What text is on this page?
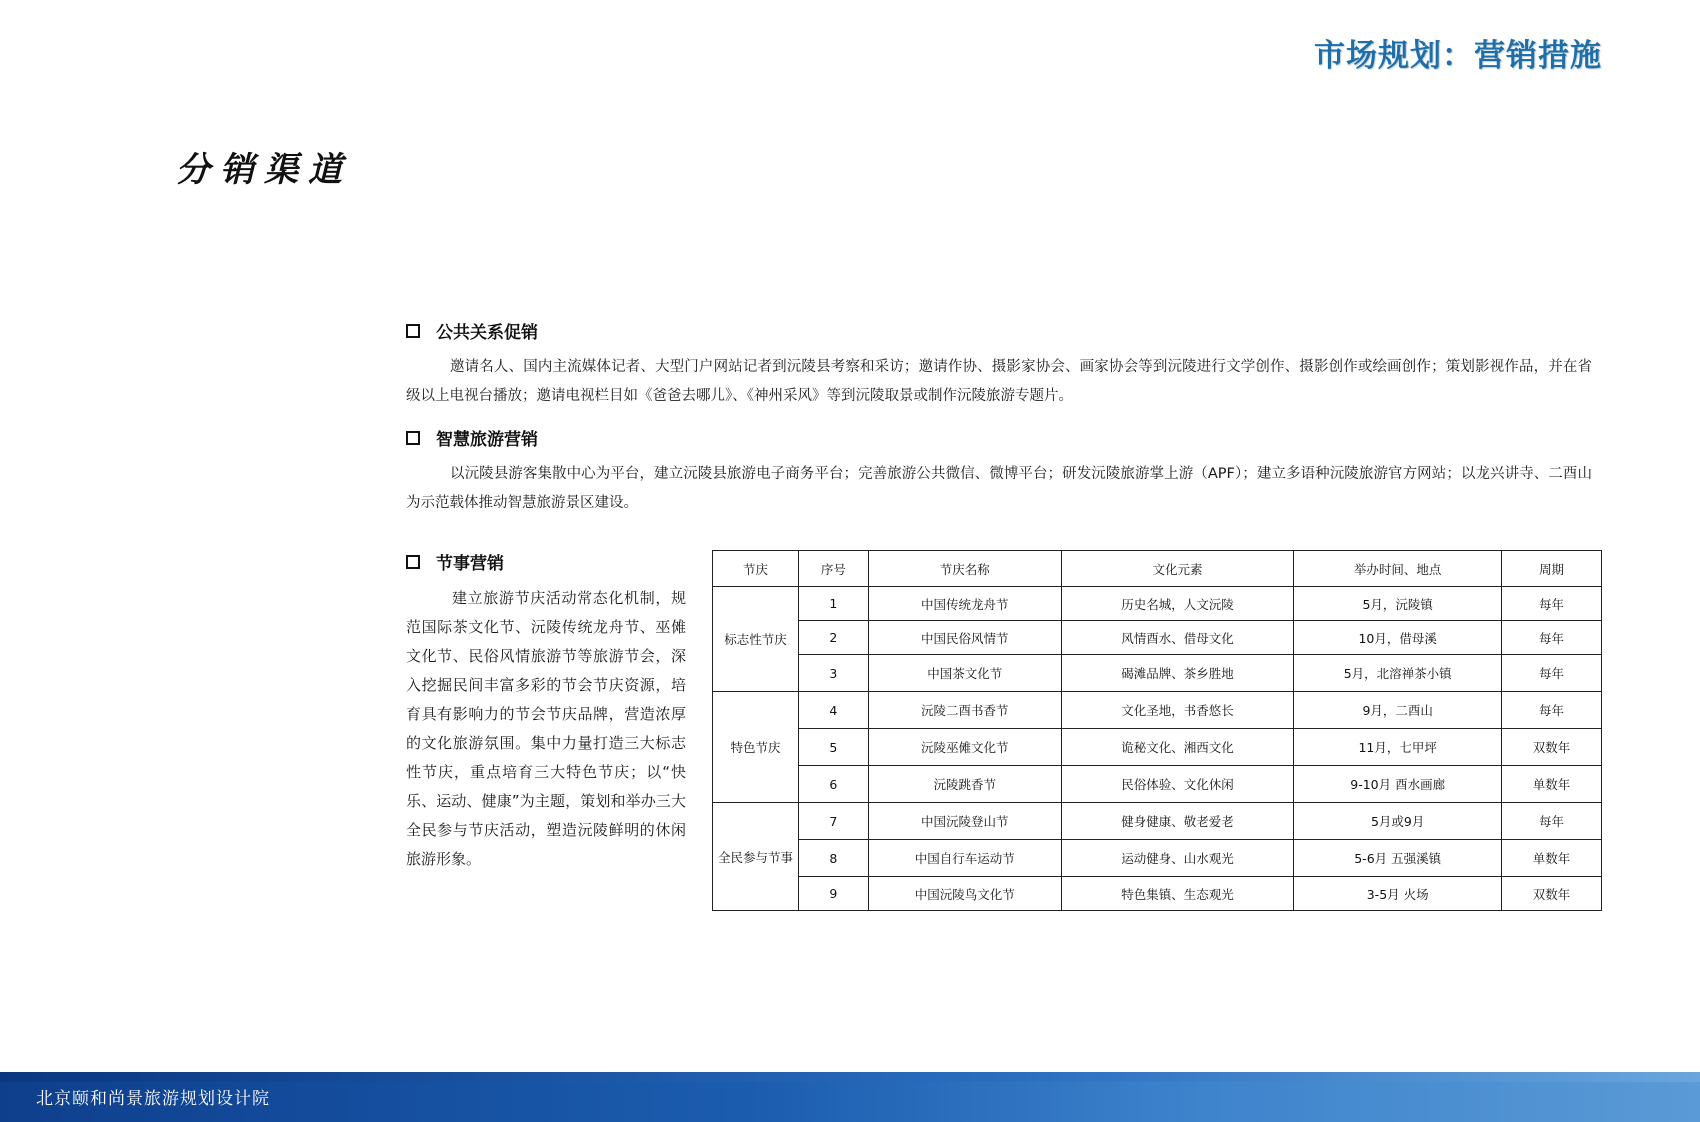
市场规划：营销措施
分销渠道
公共关系促销
邀请名人、国内主流媒体记者、大型门户网站记者到沅陵县考察和采访；邀请作协、摄影家协会、画家协会等到沅陵进行文学创作、摄影创作或绘画创作；策划影视作品，并在省级以上电视台播放；邀请电视栏目如《爸爸去哪儿》、《神州采风》等到沅陵取景或制作沅陵旅游专题片。
智慧旅游营销
以沅陵县游客集散中心为平台，建立沅陵县旅游电子商务平台；完善旅游公共微信、微博平台；研发沅陵旅游掌上游（APF）；建立多语种沅陵旅游官方网站；以龙兴讲寺、二酉山为示范载体推动智慧旅游景区建设。
节事营销
建立旅游节庆活动常态化机制，规范国际茶文化节、沅陵传统龙舟节、巫傩文化节、民俗风情旅游节等旅游节会，深入挖掘民间丰富多彩的节会节庆资源，培育具有影响力的节会节庆品牌，营造浓厚的文化旅游氛围。集中力量打造三大标志性节庆，重点培育三大特色节庆；以“快乐、运动、健康”为主题，策划和举办三大全民参与节庆活动，塑造沅陵鲜明的休闲旅游形象。
节庆	序号	节庆名称	文化元素	举办时间、地点	周期
标志性节庆	1	中国传统龙舟节	历史名城，人文沅陵	5月，沅陵镇	每年
	2	中国民俗风情节	风情酉水、借母文化	10月，借母溪	每年
	3	中国茶文化节	碣滩品牌、茶乡胜地	5月，北溶禅茶小镇	每年
特色节庆	4	沅陵二酉书香节	文化圣地，书香悠长	9月，二酉山	每年
	5	沅陵巫傩文化节	诡秘文化、湘西文化	11月，七甲坪	双数年
	6	沅陵跳香节	民俗体验、文化休闲	9-10月 酉水画廊	单数年
全民参与节事	7	中国沅陵登山节	健身健康、敬老爱老	5月或9月	每年
	8	中国自行车运动节	运动健身、山水观光	5-6月 五强溪镇	单数年
	9	中国沅陵鸟文化节	特色集镇、生态观光	3-5月 火场	双数年
北京颐和尚景旅游规划设计院
